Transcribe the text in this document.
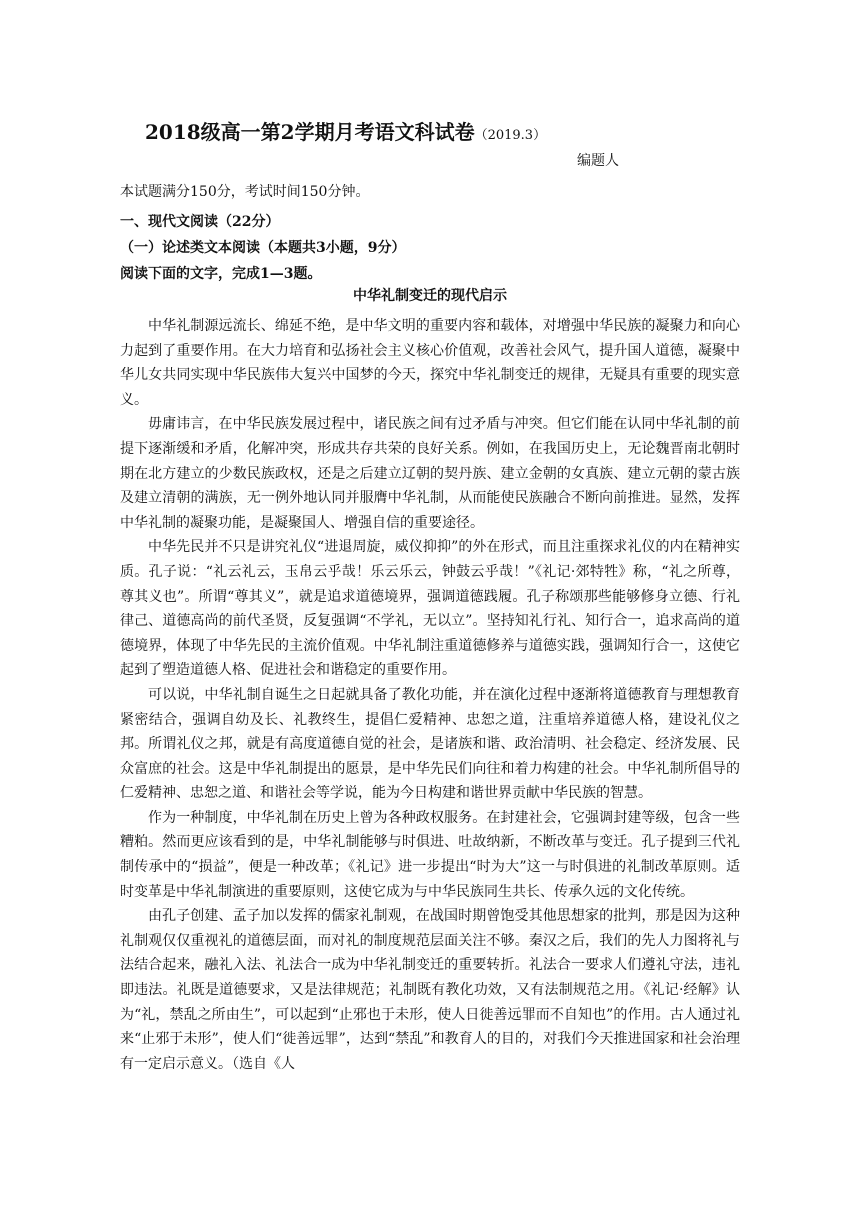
2018级高一第2学期月考语文科试卷（2019.3）
编题人
本试题满分150分，考试时间150分钟。
一、现代文阅读（22分）
（一）论述类文本阅读（本题共3小题，9分）
阅读下面的文字，完成1—3题。
中华礼制变迁的现代启示

中华礼制源远流长、绵延不绝，是中华文明的重要内容和载体，对增强中华民族的凝聚力和向心力起到了重要作用。在大力培育和弘扬社会主义核心价值观，改善社会风气，提升国人道德，凝聚中华儿女共同实现中华民族伟大复兴中国梦的今天，探究中华礼制变迁的规律，无疑具有重要的现实意义。

毋庸讳言，在中华民族发展过程中，诸民族之间有过矛盾与冲突。但它们能在认同中华礼制的前提下逐渐缓和矛盾，化解冲突，形成共存共荣的良好关系。例如，在我国历史上，无论魏晋南北朝时期在北方建立的少数民族政权，还是之后建立辽朝的契丹族、建立金朝的女真族、建立元朝的蒙古族及建立清朝的满族，无一例外地认同并服膺中华礼制，从而能使民族融合不断向前推进。显然，发挥中华礼制的凝聚功能，是凝聚国人、增强自信的重要途径。

中华先民并不只是讲究礼仪“进退周旋，威仪抑抑”的外在形式，而且注重探求礼仪的内在精神实质。孔子说：“礼云礼云，玉帛云乎哉！乐云乐云，钟鼓云乎哉！”《礼记·郊特牲》称，“礼之所尊，尊其义也”。所谓“尊其义”，就是追求道德境界，强调道德践履。孔子称颂那些能够修身立德、行礼律己、道德高尚的前代圣贤，反复强调“不学礼，无以立”。坚持知礼行礼、知行合一，追求高尚的道德境界，体现了中华先民的主流价值观。中华礼制注重道德修养与道德实践，强调知行合一，这使它起到了塑造道德人格、促进社会和谐稳定的重要作用。

可以说，中华礼制自诞生之日起就具备了教化功能，并在演化过程中逐渐将道德教育与理想教育紧密结合，强调自幼及长、礼教终生，提倡仁爱精神、忠恕之道，注重培养道德人格，建设礼仪之邦。所谓礼仪之邦，就是有高度道德自觉的社会，是诸族和谐、政治清明、社会稳定、经济发展、民众富庶的社会。这是中华礼制提出的愿景，是中华先民们向往和着力构建的社会。中华礼制所倡导的仁爱精神、忠恕之道、和谐社会等学说，能为今日构建和谐世界贡献中华民族的智慧。

作为一种制度，中华礼制在历史上曾为各种政权服务。在封建社会，它强调封建等级，包含一些糟粕。然而更应该看到的是，中华礼制能够与时俱进、吐故纳新，不断改革与变迁。孔子提到三代礼制传承中的“损益”，便是一种改革；《礼记》进一步提出“时为大”这一与时俱进的礼制改革原则。适时变革是中华礼制演进的重要原则，这使它成为与中华民族同生共长、传承久远的文化传统。

由孔子创建、孟子加以发挥的儒家礼制观，在战国时期曾饱受其他思想家的批判，那是因为这种礼制观仅仅重视礼的道德层面，而对礼的制度规范层面关注不够。秦汉之后，我们的先人力图将礼与法结合起来，融礼入法、礼法合一成为中华礼制变迁的重要转折。礼法合一要求人们遵礼守法，违礼即违法。礼既是道德要求，又是法律规范；礼制既有教化功效，又有法制规范之用。《礼记·经解》认为“礼，禁乱之所由生”，可以起到“止邪也于未形，使人日徙善远罪而不自知也”的作用。古人通过礼来“止邪于未形”，使人们“徙善远罪”，达到“禁乱”和教育人的目的，对我们今天推进国家和社会治理有一定启示意义。（选自《人
